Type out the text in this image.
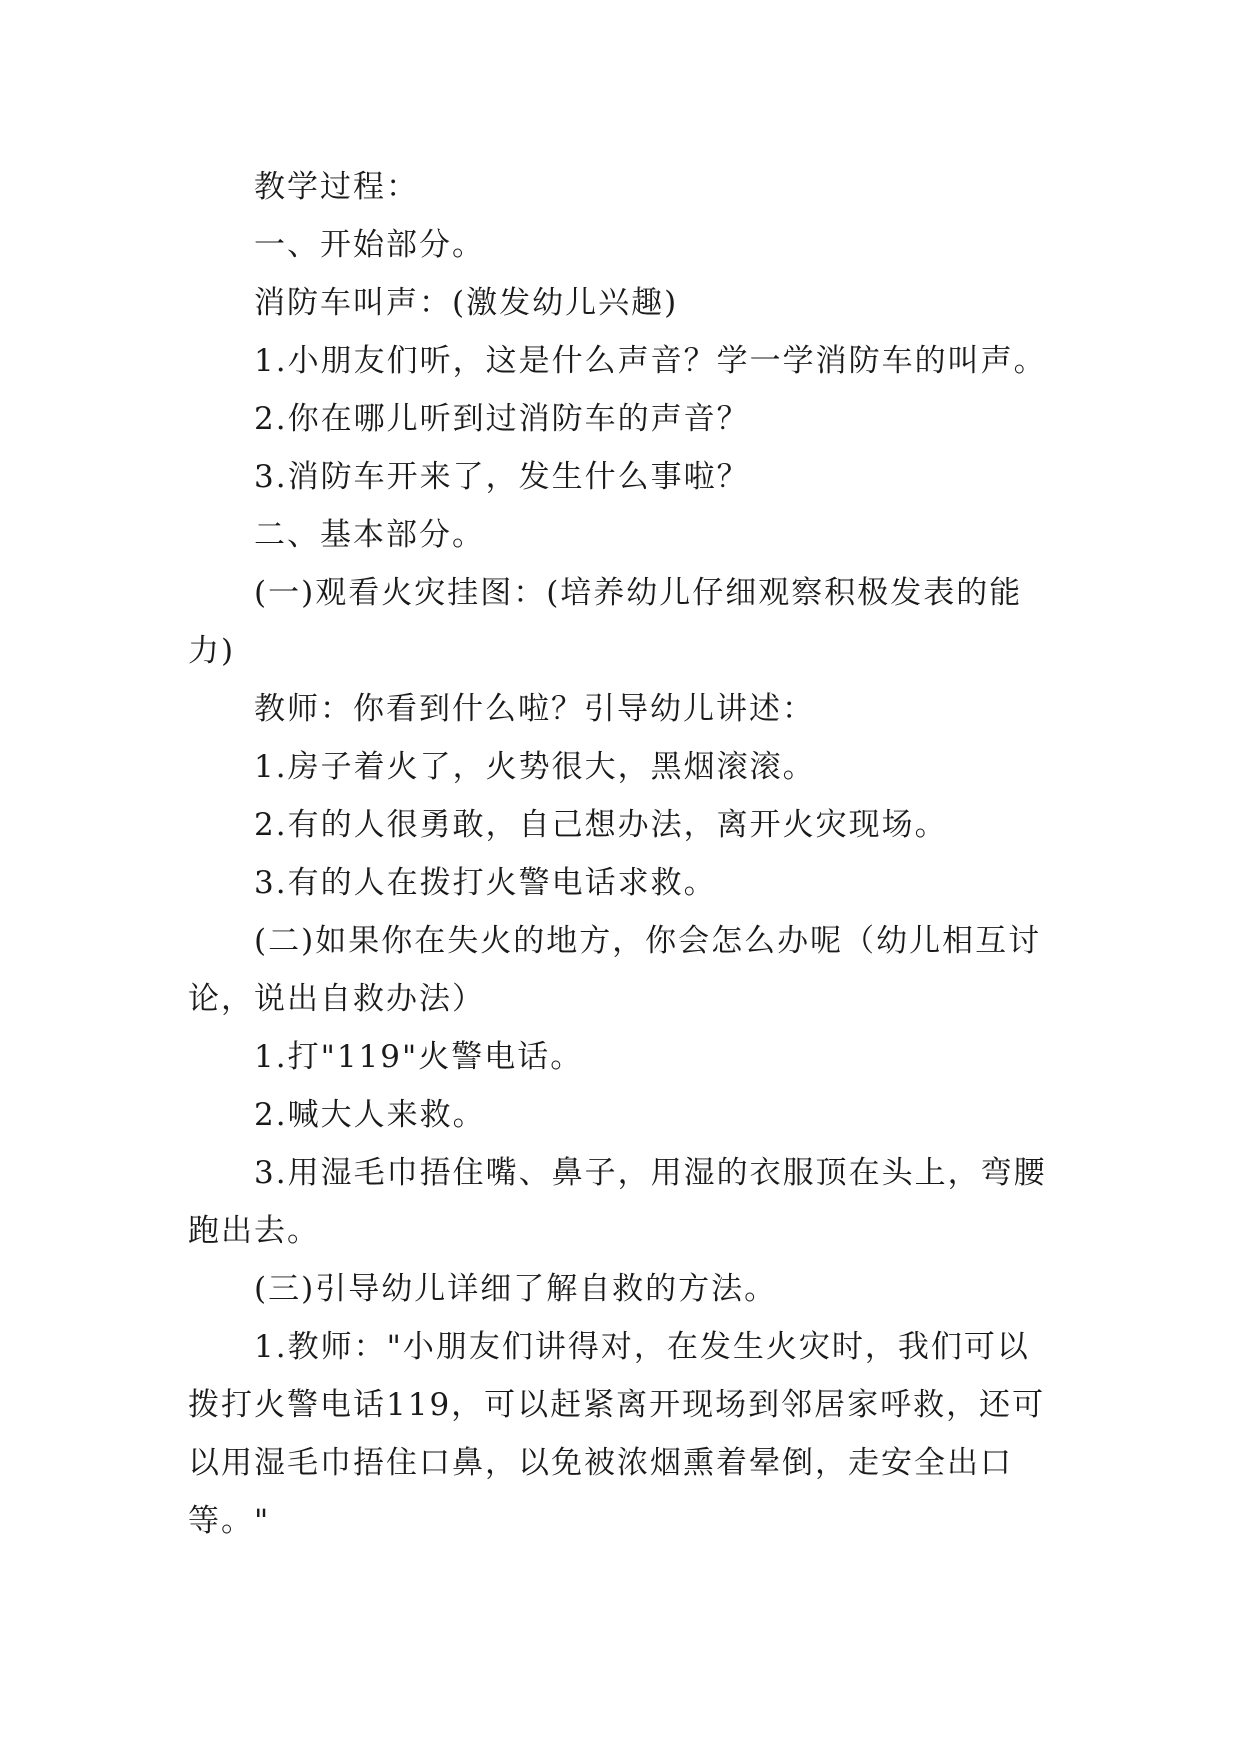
教学过程：

一、开始部分。

消防车叫声：(激发幼儿兴趣)

1.小朋友们听，这是什么声音？学一学消防车的叫声。

2.你在哪儿听到过消防车的声音？

3.消防车开来了，发生什么事啦？

二、基本部分。

(一)观看火灾挂图：(培养幼儿仔细观察积极发表的能力)

教师：你看到什么啦？引导幼儿讲述：

1.房子着火了，火势很大，黑烟滚滚。

2.有的人很勇敢，自己想办法，离开火灾现场。

3.有的人在拨打火警电话求救。

(二)如果你在失火的地方，你会怎么办呢（幼儿相互讨论，说出自救办法）

1.打"119"火警电话。

2.喊大人来救。

3.用湿毛巾捂住嘴、鼻子，用湿的衣服顶在头上，弯腰跑出去。

(三)引导幼儿详细了解自救的方法。

1.教师："小朋友们讲得对，在发生火灾时，我们可以拨打火警电话119，可以赶紧离开现场到邻居家呼救，还可以用湿毛巾捂住口鼻，以免被浓烟熏着晕倒，走安全出口等。"
